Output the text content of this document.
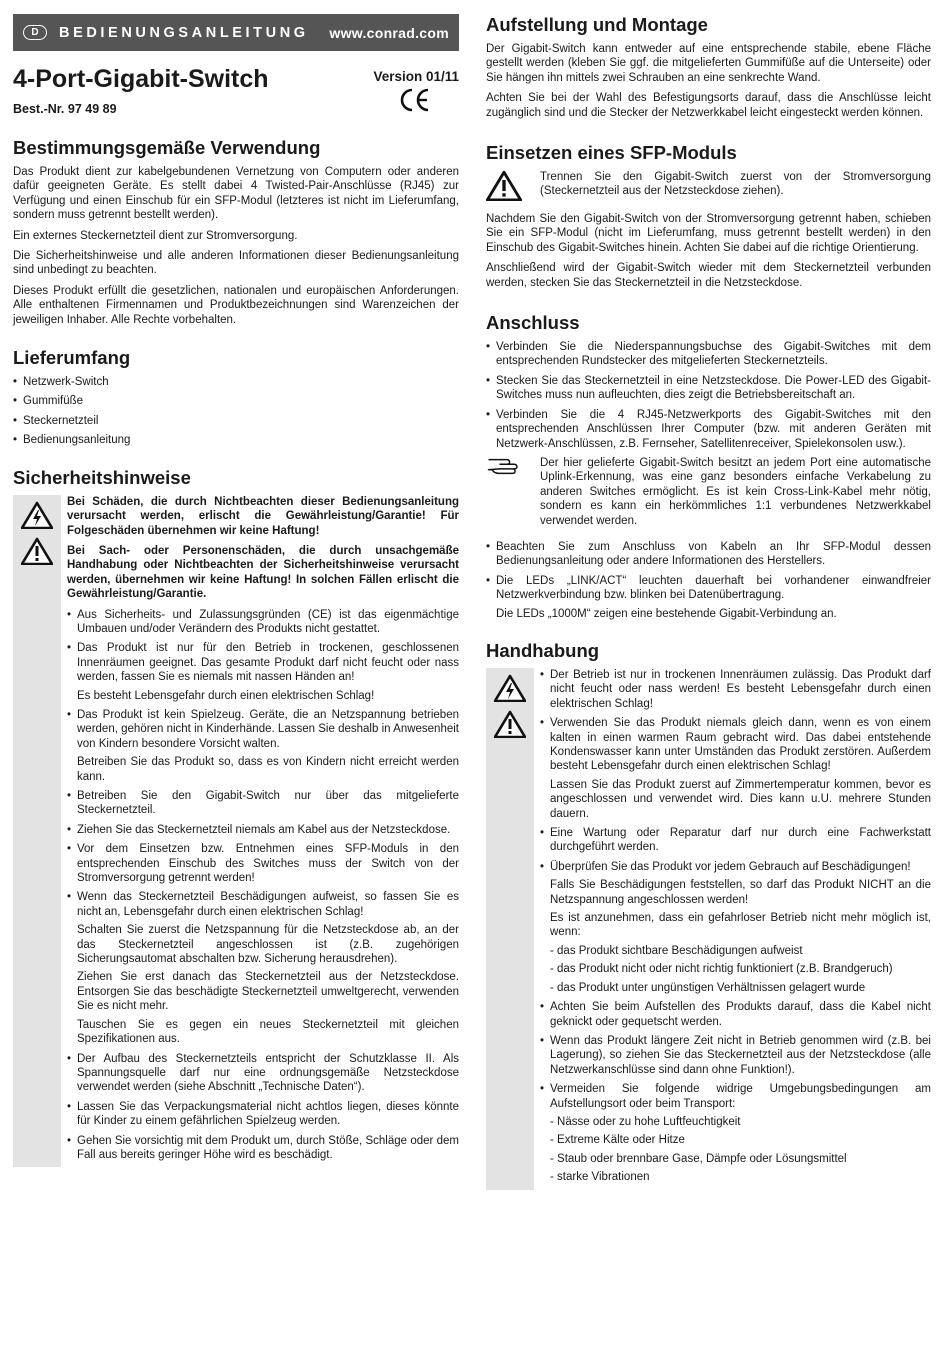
D	BEDIENUNGSANLEITUNG	www.conrad.com
4-Port-Gigabit-Switch
Best.-Nr. 97 49 89
Version 01/11
Bestimmungsgemäße Verwendung

Das Produkt dient zur kabelgebundenen Vernetzung von Computern oder anderen dafür geeigneten Geräte. Es stellt dabei 4 Twisted-Pair-Anschlüsse (RJ45) zur Verfügung und einen Einschub für ein SFP-Modul (letzteres ist nicht im Lieferumfang, sondern muss getrennt bestellt werden).

Ein externes Steckernetzteil dient zur Stromversorgung.

Die Sicherheitshinweise und alle anderen Informationen dieser Bedienungsanleitung sind unbedingt zu beachten.

Dieses Produkt erfüllt die gesetzlichen, nationalen und europäischen Anforderungen. Alle enthaltenen Firmennamen und Produktbezeichnungen sind Warenzeichen der jeweiligen Inhaber. Alle Rechte vorbehalten.

Lieferumfang
• Netzwerk-Switch
• Gummifüße
• Steckernetzteil
• Bedienungsanleitung
Sicherheitshinweise

Bei Schäden, die durch Nichtbeachten dieser Bedienungsanleitung verursacht werden, erlischt die Gewährleistung/Garantie! Für Folgeschäden übernehmen wir keine Haftung!

Bei Sach- oder Personenschäden, die durch unsachgemäße Handhabung oder Nichtbeachten der Sicherheitshinweise verursacht werden, übernehmen wir keine Haftung! In solchen Fällen erlischt die Gewährleistung/Garantie.

• Aus Sicherheits- und Zulassungsgründen (CE) ist das eigenmächtige Umbauen und/oder Verändern des Produkts nicht gestattet.
• Das Produkt ist nur für den Betrieb in trockenen, geschlossenen Innenräumen geeignet. Das gesamte Produkt darf nicht feucht oder nass werden, fassen Sie es niemals mit nassen Händen an!
Es besteht Lebensgefahr durch einen elektrischen Schlag!
• Das Produkt ist kein Spielzeug. Geräte, die an Netzspannung betrieben werden, gehören nicht in Kinderhände. Lassen Sie deshalb in Anwesenheit von Kindern besondere Vorsicht walten.
Betreiben Sie das Produkt so, dass es von Kindern nicht erreicht werden kann.
• Betreiben Sie den Gigabit-Switch nur über das mitgelieferte Steckernetzteil.
• Ziehen Sie das Steckernetzteil niemals am Kabel aus der Netzsteckdose.
• Vor dem Einsetzen bzw. Entnehmen eines SFP-Moduls in den entsprechenden Einschub des Switches muss der Switch von der Stromversorgung getrennt werden!
• Wenn das Steckernetzteil Beschädigungen aufweist, so fassen Sie es nicht an, Lebensgefahr durch einen elektrischen Schlag!
Schalten Sie zuerst die Netzspannung für die Netzsteckdose ab, an der das Steckernetzteil angeschlossen ist (z.B. zugehörigen Sicherungsautomat abschalten bzw. Sicherung herausdrehen).
Ziehen Sie erst danach das Steckernetzteil aus der Netzsteckdose. Entsorgen Sie das beschädigte Steckernetzteil umweltgerecht, verwenden Sie es nicht mehr.
Tauschen Sie es gegen ein neues Steckernetzteil mit gleichen Spezifikationen aus.
• Der Aufbau des Steckernetzteils entspricht der Schutzklasse II. Als Spannungsquelle darf nur eine ordnungsgemäße Netzsteckdose verwendet werden (siehe Abschnitt „Technische Daten“).
• Lassen Sie das Verpackungsmaterial nicht achtlos liegen, dieses könnte für Kinder zu einem gefährlichen Spielzeug werden.
• Gehen Sie vorsichtig mit dem Produkt um, durch Stöße, Schläge oder dem Fall aus bereits geringer Höhe wird es beschädigt.
Aufstellung und Montage

Der Gigabit-Switch kann entweder auf eine entsprechende stabile, ebene Fläche gestellt werden (kleben Sie ggf. die mitgelieferten Gummifüße auf die Unterseite) oder Sie hängen ihn mittels zwei Schrauben an eine senkrechte Wand.

Achten Sie bei der Wahl des Befestigungsorts darauf, dass die Anschlüsse leicht zugänglich sind und die Stecker der Netzwerkkabel leicht eingesteckt werden können.

Einsetzen eines SFP-Moduls

Trennen Sie den Gigabit-Switch zuerst von der Stromversorgung (Steckernetzteil aus der Netzsteckdose ziehen).

Nachdem Sie den Gigabit-Switch von der Stromversorgung getrennt haben, schieben Sie ein SFP-Modul (nicht im Lieferumfang, muss getrennt bestellt werden) in den Einschub des Gigabit-Switches hinein. Achten Sie dabei auf die richtige Orientierung.

Anschließend wird der Gigabit-Switch wieder mit dem Steckernetzteil verbunden werden, stecken Sie das Steckernetzteil in die Netzsteckdose.

Anschluss
• Verbinden Sie die Niederspannungsbuchse des Gigabit-Switches mit dem entsprechenden Rundstecker des mitgelieferten Steckernetzteils.
• Stecken Sie das Steckernetzteil in eine Netzsteckdose. Die Power-LED des Gigabit-Switches muss nun aufleuchten, dies zeigt die Betriebsbereitschaft an.
• Verbinden Sie die 4 RJ45-Netzwerkports des Gigabit-Switches mit den entsprechenden Anschlüssen Ihrer Computer (bzw. mit anderen Geräten mit Netzwerk-Anschlüssen, z.B. Fernseher, Satellitenreceiver, Spielekonsolen usw.).

Der hier gelieferte Gigabit-Switch besitzt an jedem Port eine automatische Uplink-Erkennung, was eine ganz besonders einfache Verkabelung zu anderen Switches ermöglicht. Es ist kein Cross-Link-Kabel mehr nötig, sondern es kann ein herkömmliches 1:1 verbundenes Netzwerkkabel verwendet werden.

• Beachten Sie zum Anschluss von Kabeln an Ihr SFP-Modul dessen Bedienungsanleitung oder andere Informationen des Herstellers.
• Die LEDs „LINK/ACT“ leuchten dauerhaft bei vorhandener einwandfreier Netzwerkverbindung bzw. blinken bei Datenübertragung.
Die LEDs „1000M“ zeigen eine bestehende Gigabit-Verbindung an.
Handhabung
• Der Betrieb ist nur in trockenen Innenräumen zulässig. Das Produkt darf nicht feucht oder nass werden! Es besteht Lebensgefahr durch einen elektrischen Schlag!
• Verwenden Sie das Produkt niemals gleich dann, wenn es von einem kalten in einen warmen Raum gebracht wird. Das dabei entstehende Kondenswasser kann unter Umständen das Produkt zerstören. Außerdem besteht Lebensgefahr durch einen elektrischen Schlag!
Lassen Sie das Produkt zuerst auf Zimmertemperatur kommen, bevor es angeschlossen und verwendet wird. Dies kann u.U. mehrere Stunden dauern.
• Eine Wartung oder Reparatur darf nur durch eine Fachwerkstatt durchgeführt werden.
• Überprüfen Sie das Produkt vor jedem Gebrauch auf Beschädigungen!
Falls Sie Beschädigungen feststellen, so darf das Produkt NICHT an die Netzspannung angeschlossen werden!
Es ist anzunehmen, dass ein gefahrloser Betrieb nicht mehr möglich ist, wenn:
- das Produkt sichtbare Beschädigungen aufweist
- das Produkt nicht oder nicht richtig funktioniert (z.B. Brandgeruch)
- das Produkt unter ungünstigen Verhältnissen gelagert wurde
• Achten Sie beim Aufstellen des Produkts darauf, dass die Kabel nicht geknickt oder gequetscht werden.
• Wenn das Produkt längere Zeit nicht in Betrieb genommen wird (z.B. bei Lagerung), so ziehen Sie das Steckernetzteil aus der Netzsteckdose (alle Netzwerkanschlüsse sind dann ohne Funktion!).
• Vermeiden Sie folgende widrige Umgebungsbedingungen am Aufstellungsort oder beim Transport:
- Nässe oder zu hohe Luftfeuchtigkeit
- Extreme Kälte oder Hitze
- Staub oder brennbare Gase, Dämpfe oder Lösungsmittel
- starke Vibrationen
